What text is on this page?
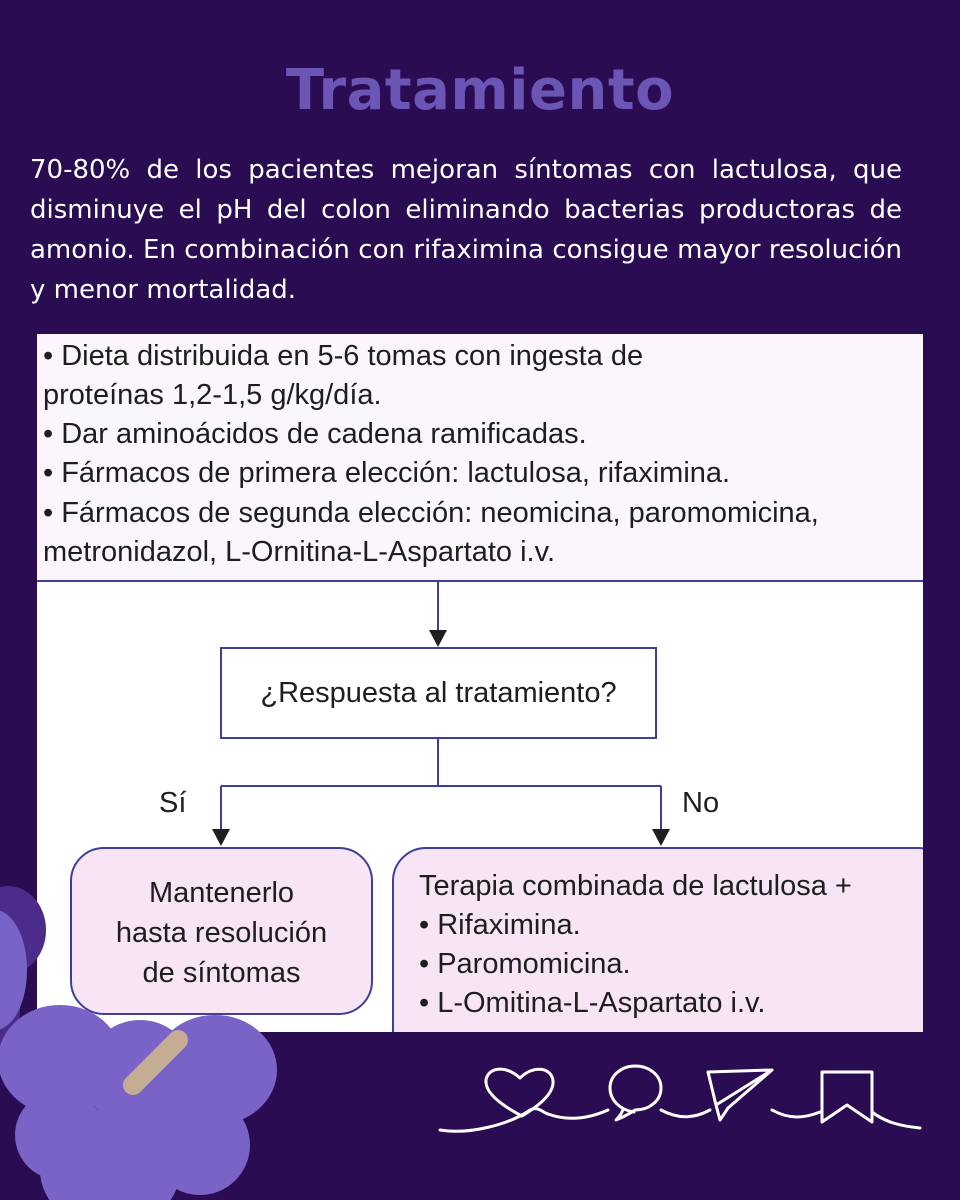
Tratamiento

70-80% de los pacientes mejoran síntomas con lactulosa, que disminuye el pH del colon eliminando bacterias productoras de amonio. En combinación con rifaximina consigue mayor resolución y menor mortalidad.

• Dieta distribuida en 5-6 tomas con ingesta de
proteínas 1,2-1,5 g/kg/día.
• Dar aminoácidos de cadena ramificadas.
• Fármacos de primera elección: lactulosa, rifaximina.
• Fármacos de segunda elección: neomicina, paromomicina,
metronidazol, L-Ornitina-L-Aspartato i.v.
¿Respuesta al tratamiento?
Sí	No
Mantenerlo
hasta resolución
de síntomas
Terapia combinada de lactulosa +
• Rifaximina.
• Paromomicina.
• L-Omitina-L-Aspartato i.v.
